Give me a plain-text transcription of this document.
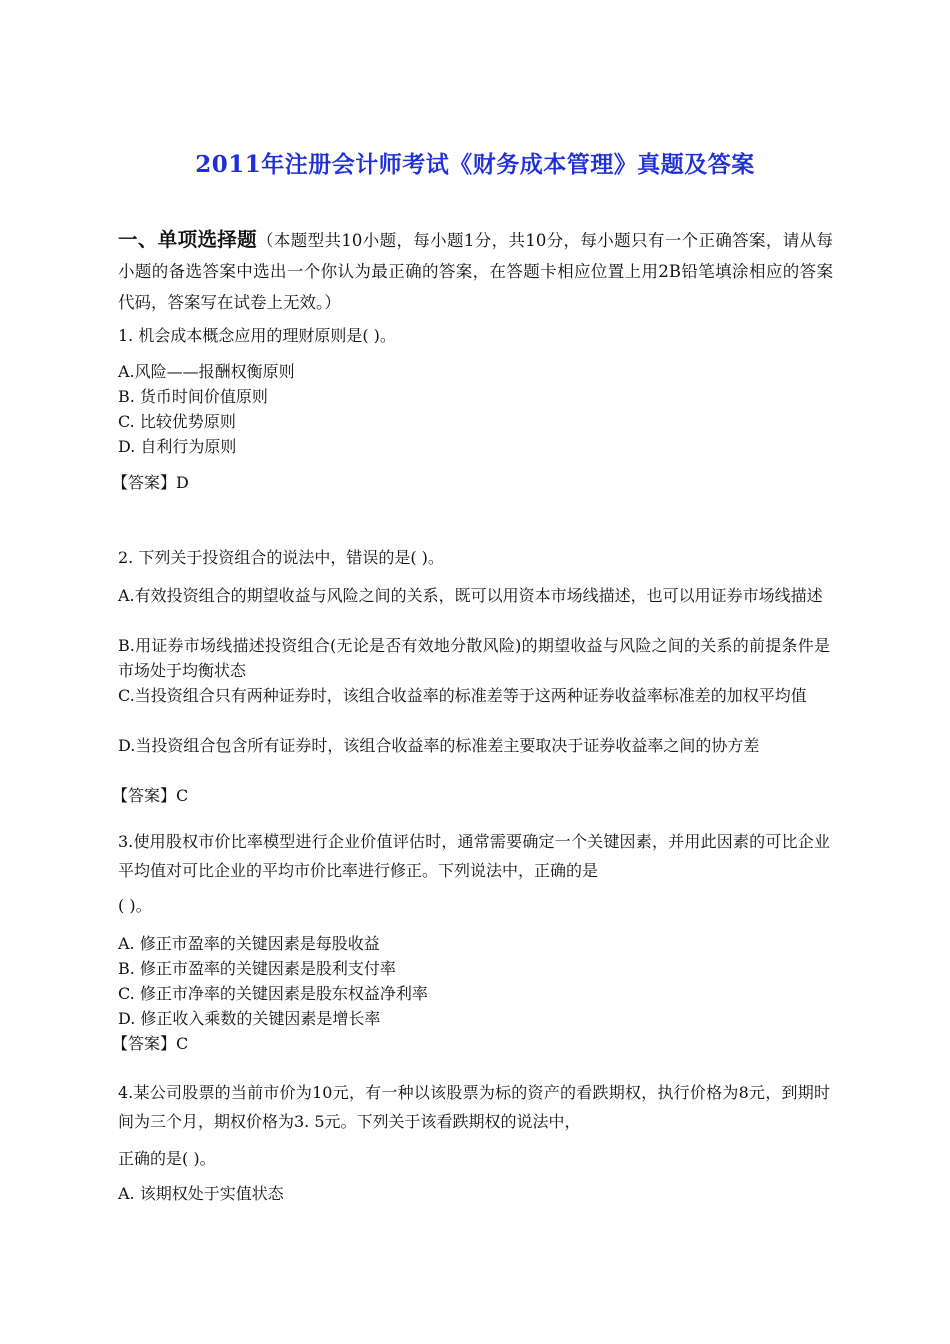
2011年注册会计师考试《财务成本管理》真题及答案
一、单项选择题（本题型共10小题，每小题1分，共10分，每小题只有一个正确答案，请从每小题的备选答案中选出一个你认为最正确的答案，在答题卡相应位置上用2B铅笔填涂相应的答案代码，答案写在试卷上无效。）
1. 机会成本概念应用的理财原则是( )。
A.风险——报酬权衡原则
B. 货币时间价值原则
C. 比较优势原则
D. 自利行为原则
【答案】D
2. 下列关于投资组合的说法中，错误的是( )。
A.有效投资组合的期望收益与风险之间的关系，既可以用资本市场线描述，也可以用证券市场线描述
B.用证券市场线描述投资组合(无论是否有效地分散风险)的期望收益与风险之间的关系的前提条件是市场处于均衡状态
C.当投资组合只有两种证券时，该组合收益率的标准差等于这两种证券收益率标准差的加权平均值
D.当投资组合包含所有证券时，该组合收益率的标准差主要取决于证券收益率之间的协方差
【答案】C
3.使用股权市价比率模型进行企业价值评估时，通常需要确定一个关键因素，并用此因素的可比企业平均值对可比企业的平均市价比率进行修正。下列说法中，正确的是
( )。
A. 修正市盈率的关键因素是每股收益
B. 修正市盈率的关键因素是股利支付率
C. 修正市净率的关键因素是股东权益净利率
D. 修正收入乘数的关键因素是增长率
【答案】C
4.某公司股票的当前市价为10元，有一种以该股票为标的资产的看跌期权，执行价格为8元，到期时间为三个月，期权价格为3. 5元。下列关于该看跌期权的说法中，
正确的是( )。
A. 该期权处于实值状态
